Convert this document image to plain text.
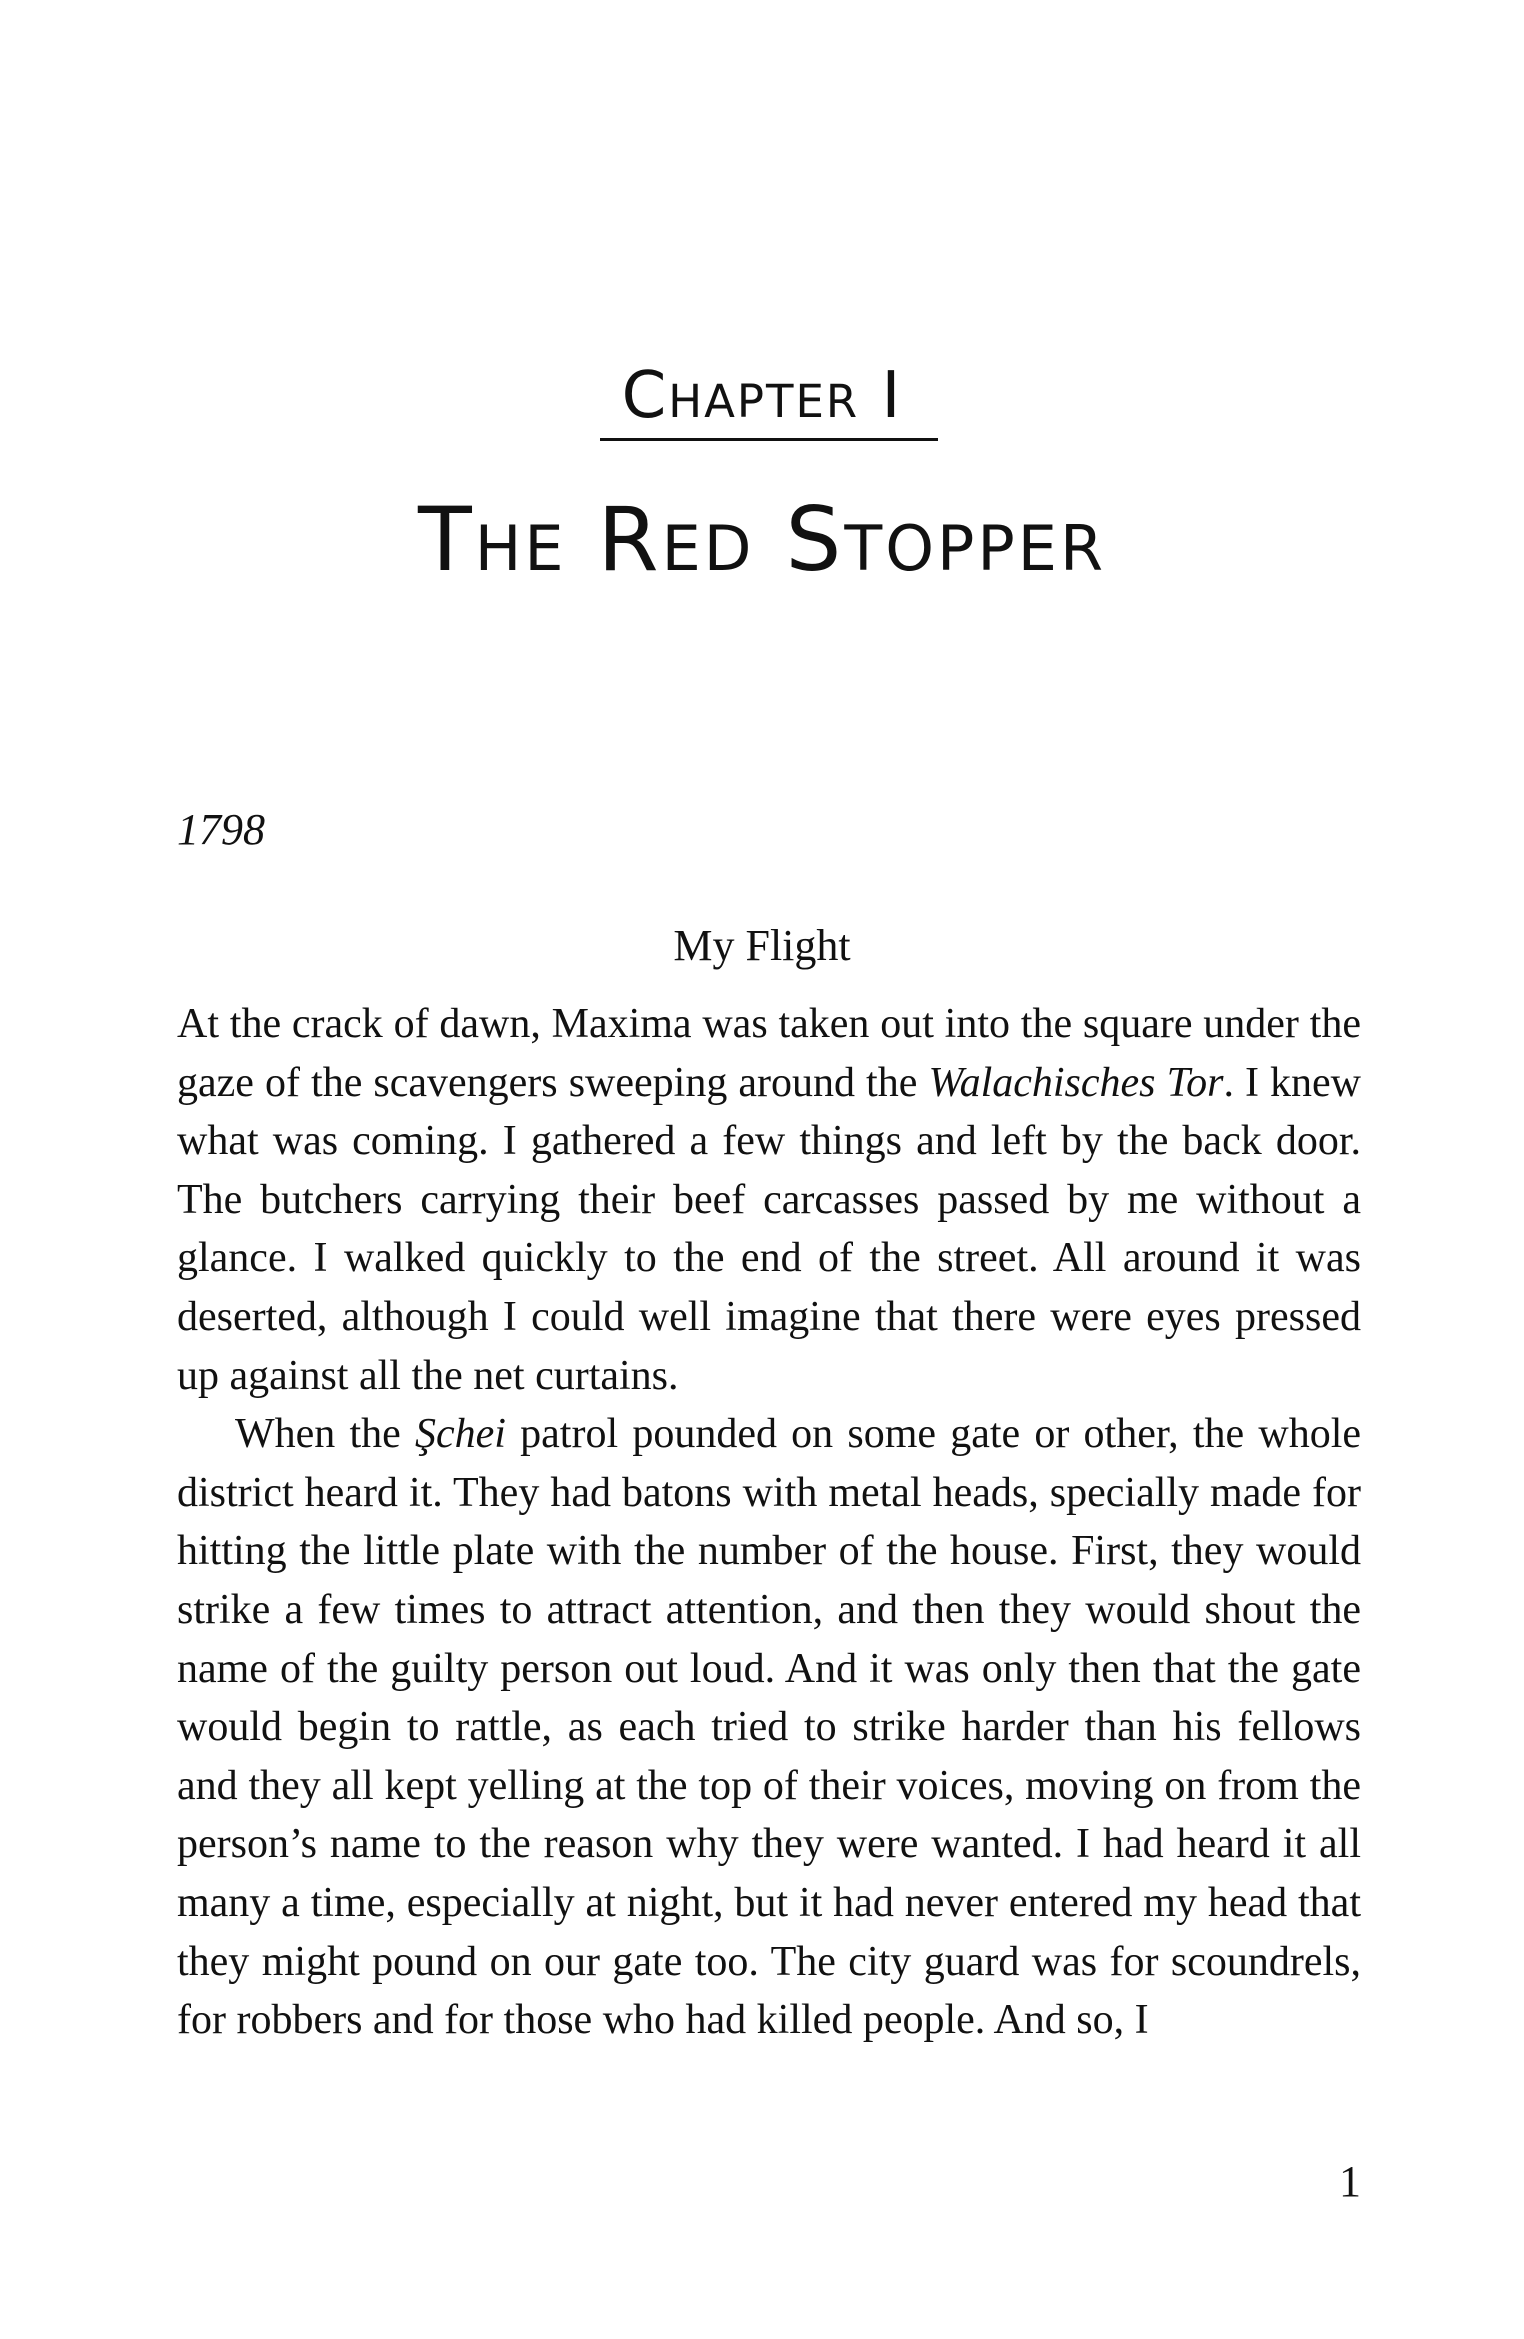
Chapter I
The Red Stopper
1798
My Flight

At the crack of dawn, Maxima was taken out into the square under the gaze of the scavengers sweeping around the Walachisches Tor. I knew what was coming. I gathered a few things and left by the back door. The butchers carrying their beef carcasses passed by me without a glance. I walked quickly to the end of the street. All around it was deserted, although I could well imagine that there were eyes pressed up against all the net curtains.

When the Şchei patrol pounded on some gate or other, the whole district heard it. They had batons with metal heads, specially made for hitting the little plate with the number of the house. First, they would strike a few times to attract attention, and then they would shout the name of the guilty person out loud. And it was only then that the gate would begin to rattle, as each tried to strike harder than his fellows and they all kept yelling at the top of their voices, moving on from the person’s name to the reason why they were wanted. I had heard it all many a time, especially at night, but it had never entered my head that they might pound on our gate too. The city guard was for scoundrels, for robbers and for those who had killed people. And so, I

1
